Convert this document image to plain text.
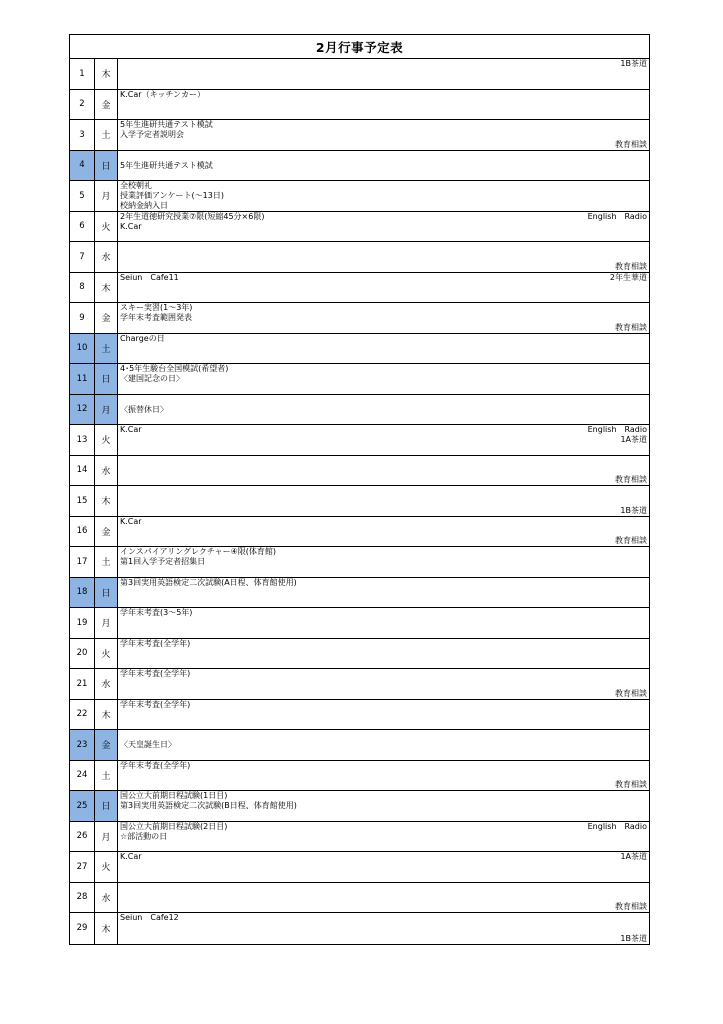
2月行事予定表
1	木
1B茶道
2	金
K.Car（キッチンカー）
3	土
5年生進研共通テスト模試
入学予定者説明会
教育相談
4	日
	5年生進研共通テスト模試
5	月
全校朝礼
授業評価アンケート(～13日)
校納金納入日
6	火
2年生道徳研究授業⑦限(短縮45分×6限)
K.Car
English　Radio
7	水
教育相談
8	木
Seiun　Cafe11	2年生華道
9	金
スキー実習(1～3年)
学年末考査範囲発表
教育相談
10	土
Chargeの日
11	日
4･5年生駿台全国模試(希望者)
〈建国記念の日〉
12	月
	〈振替休日〉
13	火
K.Car	English　Radio
1A茶道
14	水
教育相談
15	木
1B茶道
16	金
K.Car
教育相談
17	土
インスパイアリングレクチャー④限(体育館)
第1回入学予定者招集日
18	日
第3回実用英語検定二次試験(A日程、体育館使用)
19	月
学年末考査(3～5年)
20	火
学年末考査(全学年)
21	水
学年末考査(全学年)
教育相談
22	木
学年末考査(全学年)
23	金
	〈天皇誕生日〉
24	土
学年末考査(全学年)
教育相談
25	日
国公立大前期日程試験(1日目)
第3回実用英語検定二次試験(B日程、体育館使用)
26	月
国公立大前期日程試験(2日目)
☆部活動の日
English　Radio
27	火
K.Car	1A茶道
28	水
教育相談
29	木
Seiun　Cafe12
1B茶道
